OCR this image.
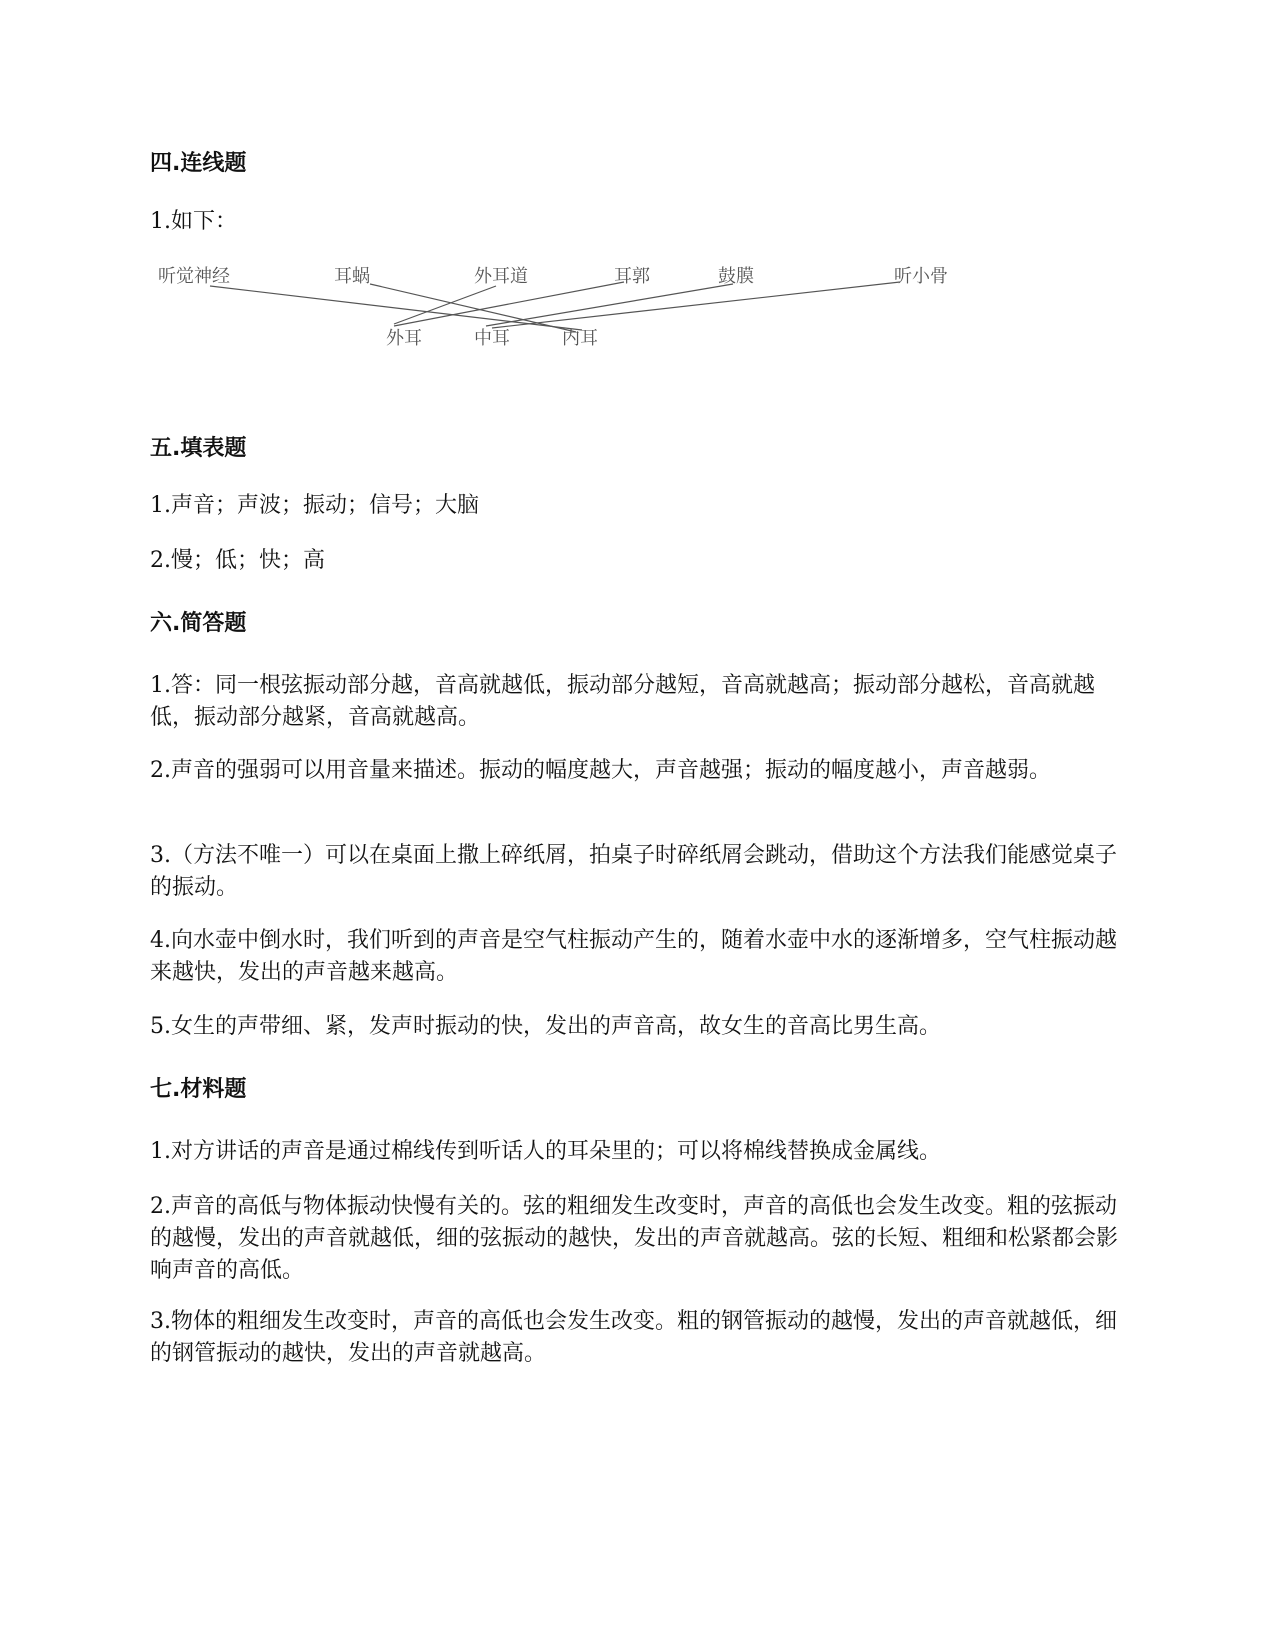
四.连线题

1.如下：

听觉神经	耳蜗	外耳道	耳郭	鼓膜	听小骨
外耳	中耳	内耳
五.填表题

1.声音；声波；振动；信号；大脑

2.慢；低；快；高

六.简答题

1.答：同一根弦振动部分越，音高就越低，振动部分越短，音高就越高；振动部分越松，音高就越低，振动部分越紧，音高就越高。

2.声音的强弱可以用音量来描述。振动的幅度越大，声音越强；振动的幅度越小，声音越弱。

3.（方法不唯一）可以在桌面上撒上碎纸屑，拍桌子时碎纸屑会跳动，借助这个方法我们能感觉桌子的振动。

4.向水壶中倒水时，我们听到的声音是空气柱振动产生的，随着水壶中水的逐渐增多，空气柱振动越来越快，发出的声音越来越高。

5.女生的声带细、紧，发声时振动的快，发出的声音高，故女生的音高比男生高。

七.材料题

1.对方讲话的声音是通过棉线传到听话人的耳朵里的；可以将棉线替换成金属线。

2.声音的高低与物体振动快慢有关的。弦的粗细发生改变时，声音的高低也会发生改变。粗的弦振动的越慢，发出的声音就越低，细的弦振动的越快，发出的声音就越高。弦的长短、粗细和松紧都会影响声音的高低。

3.物体的粗细发生改变时，声音的高低也会发生改变。粗的钢管振动的越慢，发出的声音就越低，细的钢管振动的越快，发出的声音就越高。
